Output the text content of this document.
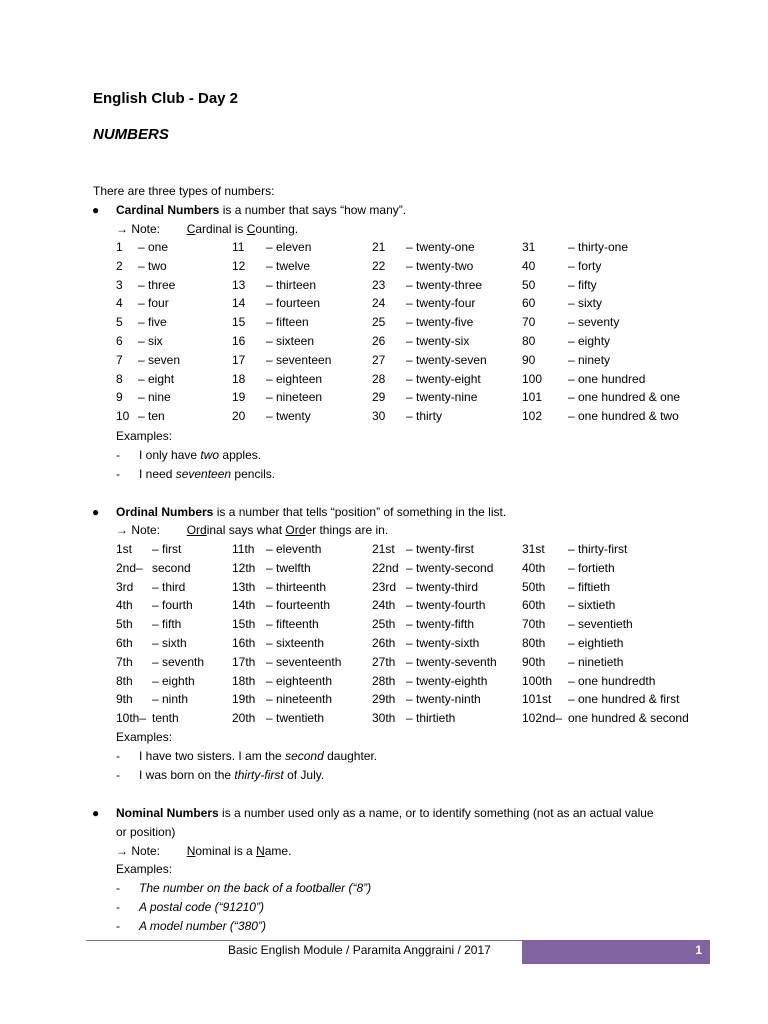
English Club - Day 2
NUMBERS
There are three types of numbers:
● Cardinal Numbers is a number that says “how many”.
→ Note: Cardinal is Counting.
1	– one	11	– eleven	21	– twenty-one	31	– thirty-one
2	– two	12	– twelve	22	– twenty-two	40	– forty
3	– three	13	– thirteen	23	– twenty-three	50	– fifty
4	– four	14	– fourteen	24	– twenty-four	60	– sixty
5	– five	15	– fifteen	25	– twenty-five	70	– seventy
6	– six	16	– sixteen	26	– twenty-six	80	– eighty
7	– seven	17	– seventeen	27	– twenty-seven	90	– ninety
8	– eight	18	– eighteen	28	– twenty-eight	100	– one hundred
9	– nine	19	– nineteen	29	– twenty-nine	101	– one hundred & one
10	– ten	20	– twenty	30	– thirty	102	– one hundred & two
Examples:
- I only have two apples.
- I need seventeen pencils.
● Ordinal Numbers is a number that tells “position” of something in the list.
→ Note: Ordinal says what Order things are in.
1st	– first	11th	– eleventh	21st	– twenty-first	31st	– thirty-first
2nd–	second	12th	– twelfth	22nd	– twenty-second	40th	– fortieth
3rd	– third	13th	– thirteenth	23rd	– twenty-third	50th	– fiftieth
4th	– fourth	14th	– fourteenth	24th	– twenty-fourth	60th	– sixtieth
5th	– fifth	15th	– fifteenth	25th	– twenty-fifth	70th	– seventieth
6th	– sixth	16th	– sixteenth	26th	– twenty-sixth	80th	– eightieth
7th	– seventh	17th	– seventeenth	27th	– twenty-seventh	90th	– ninetieth
8th	– eighth	18th	– eighteenth	28th	– twenty-eighth	100th	– one hundredth
9th	– ninth	19th	– nineteenth	29th	– twenty-ninth	101st	– one hundred & first
10th–	tenth	20th	– twentieth	30th	– thirtieth	102nd–	one hundred & second
Examples:
- I have two sisters. I am the second daughter.
- I was born on the thirty-first of July.
● Nominal Numbers is a number used only as a name, or to identify something (not as an actual value
or position)
→ Note: Nominal is a Name.
Examples:
- The number on the back of a footballer (“8”)
- A postal code (“91210”)
- A model number (“380”)
Basic English Module / Paramita Anggraini / 2017	1
